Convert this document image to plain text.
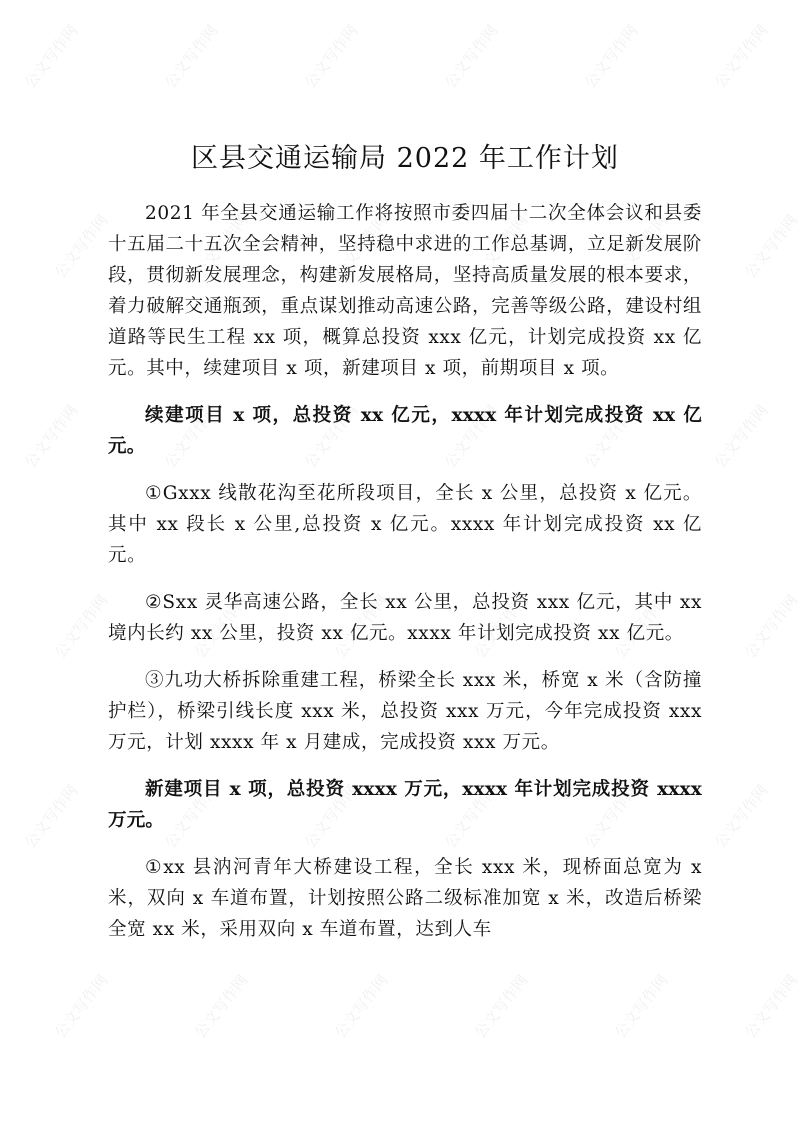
公文写作网	公文写作网	公文写作网	公文写作网	公文写作网	公文写作网
公文写作网	公文写作网	公文写作网	公文写作网	公文写作网	公文写作网
公文写作网	公文写作网	公文写作网	公文写作网	公文写作网	公文写作网
公文写作网	公文写作网	公文写作网	公文写作网	公文写作网	公文写作网
公文写作网	公文写作网	公文写作网	公文写作网	公文写作网	公文写作网
公文写作网	公文写作网	公文写作网	公文写作网	公文写作网	公文写作网
区县交通运输局 2022 年工作计划

2021 年全县交通运输工作将按照市委四届十二次全体会议和县委十五届二十五次全会精神，坚持稳中求进的工作总基调，立足新发展阶段，贯彻新发展理念，构建新发展格局，坚持高质量发展的根本要求，着力破解交通瓶颈，重点谋划推动高速公路，完善等级公路，建设村组道路等民生工程 xx 项，概算总投资 xxx 亿元，计划完成投资 xx 亿元。其中，续建项目 x 项，新建项目 x 项，前期项目 x 项。

续建项目 x 项，总投资 xx 亿元，xxxx 年计划完成投资 xx 亿元。

①Gxxx 线散花沟至花所段项目，全长 x 公里，总投资 x 亿元。其中 xx 段长 x 公里,总投资 x 亿元。xxxx 年计划完成投资 xx 亿元。

②Sxx 灵华高速公路，全长 xx 公里，总投资 xxx 亿元，其中 xx 境内长约 xx 公里，投资 xx 亿元。xxxx 年计划完成投资 xx 亿元。

③九功大桥拆除重建工程，桥梁全长 xxx 米，桥宽 x 米（含防撞护栏），桥梁引线长度 xxx 米，总投资 xxx 万元，今年完成投资 xxx 万元，计划 xxxx 年 x 月建成，完成投资 xxx 万元。

新建项目 x 项，总投资 xxxx 万元，xxxx 年计划完成投资 xxxx 万元。

①xx 县汭河青年大桥建设工程，全长 xxx 米，现桥面总宽为 x 米，双向 x 车道布置，计划按照公路二级标准加宽 x 米，改造后桥梁全宽 xx 米，采用双向 x 车道布置，达到人车
